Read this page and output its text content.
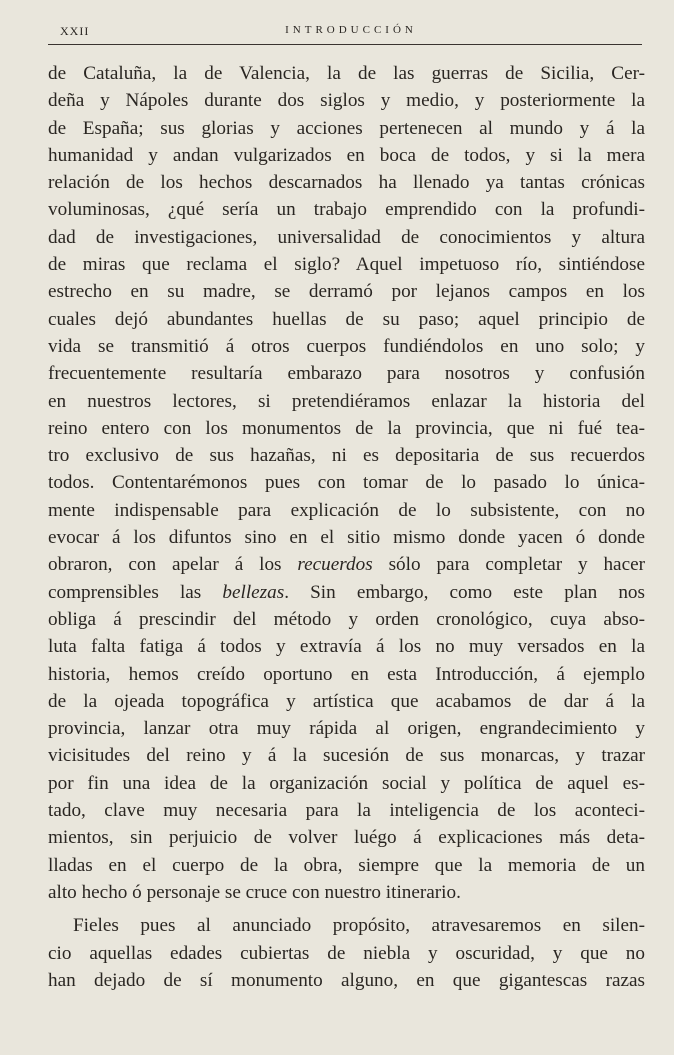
XXII	INTRODUCCIÓN
de Cataluña, la de Valencia, la de las guerras de Sicilia, Cer-
deña y Nápoles durante dos siglos y medio, y posteriormente la
de España; sus glorias y acciones pertenecen al mundo y á la
humanidad y andan vulgarizados en boca de todos, y si la mera
relación de los hechos descarnados ha llenado ya tantas crónicas
voluminosas, ¿qué sería un trabajo emprendido con la profundi-
dad de investigaciones, universalidad de conocimientos y altura
de miras que reclama el siglo? Aquel impetuoso río, sintiéndose
estrecho en su madre, se derramó por lejanos campos en los
cuales dejó abundantes huellas de su paso; aquel principio de
vida se transmitió á otros cuerpos fundiéndolos en uno solo; y
frecuentemente resultaría embarazo para nosotros y confusión
en nuestros lectores, si pretendiéramos enlazar la historia del
reino entero con los monumentos de la provincia, que ni fué tea-
tro exclusivo de sus hazañas, ni es depositaria de sus recuerdos
todos. Contentarémonos pues con tomar de lo pasado lo única-
mente indispensable para explicación de lo subsistente, con no
evocar á los difuntos sino en el sitio mismo donde yacen ó donde
obraron, con apelar á los recuerdos sólo para completar y hacer
comprensibles las bellezas. Sin embargo, como este plan nos
obliga á prescindir del método y orden cronológico, cuya abso-
luta falta fatiga á todos y extravía á los no muy versados en la
historia, hemos creído oportuno en esta Introducción, á ejemplo
de la ojeada topográfica y artística que acabamos de dar á la
provincia, lanzar otra muy rápida al origen, engrandecimiento y
vicisitudes del reino y á la sucesión de sus monarcas, y trazar
por fin una idea de la organización social y política de aquel es-
tado, clave muy necesaria para la inteligencia de los aconteci-
mientos, sin perjuicio de volver luégo á explicaciones más deta-
lladas en el cuerpo de la obra, siempre que la memoria de un
alto hecho ó personaje se cruce con nuestro itinerario.
Fieles pues al anunciado propósito, atravesaremos en silen-
cio aquellas edades cubiertas de niebla y oscuridad, y que no
han dejado de sí monumento alguno, en que gigantescas razas
